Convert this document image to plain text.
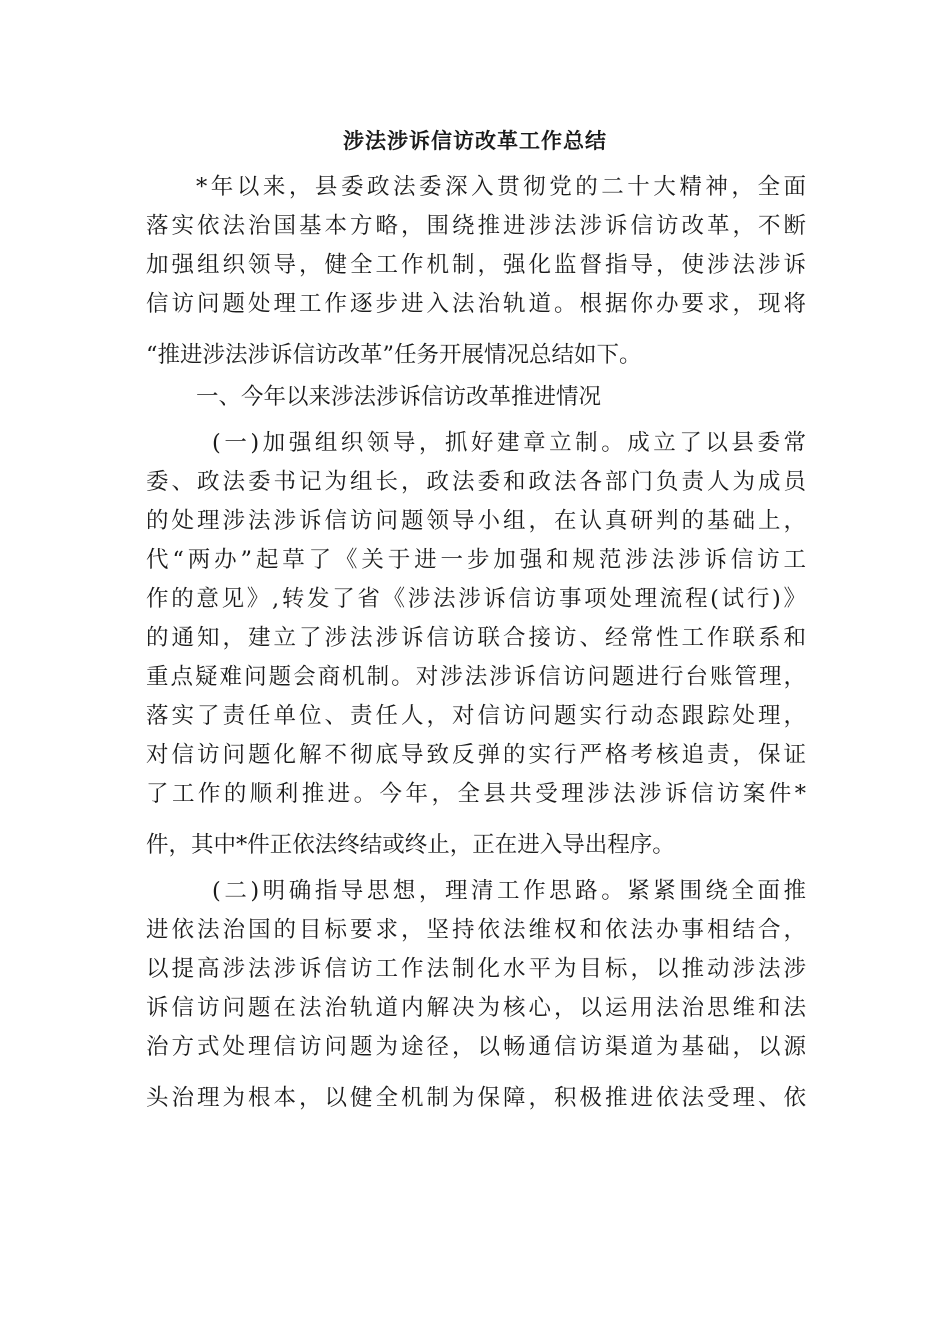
涉法涉诉信访改革工作总结
*年以来，县委政法委深入贯彻党的二十大精神，全面
落实依法治国基本方略，围绕推进涉法涉诉信访改革，不断
加强组织领导，健全工作机制，强化监督指导，使涉法涉诉
信访问题处理工作逐步进入法治轨道。根据你办要求，现将
“推进涉法涉诉信访改革”任务开展情况总结如下。
一、今年以来涉法涉诉信访改革推进情况
(一)加强组织领导，抓好建章立制。成立了以县委常
委、政法委书记为组长，政法委和政法各部门负责人为成员
的处理涉法涉诉信访问题领导小组，在认真研判的基础上，
代“两办”起草了《关于进一步加强和规范涉法涉诉信访工
作的意见》,转发了省《涉法涉诉信访事项处理流程(试行)》
的通知，建立了涉法涉诉信访联合接访、经常性工作联系和
重点疑难问题会商机制。对涉法涉诉信访问题进行台账管理，
落实了责任单位、责任人，对信访问题实行动态跟踪处理，
对信访问题化解不彻底导致反弹的实行严格考核追责，保证
了工作的顺利推进。今年，全县共受理涉法涉诉信访案件*
件，其中*件正依法终结或终止，正在进入导出程序。
(二)明确指导思想，理清工作思路。紧紧围绕全面推
进依法治国的目标要求，坚持依法维权和依法办事相结合，
以提高涉法涉诉信访工作法制化水平为目标，以推动涉法涉
诉信访问题在法治轨道内解决为核心，以运用法治思维和法
治方式处理信访问题为途径，以畅通信访渠道为基础，以源
头治理为根本，以健全机制为保障，积极推进依法受理、依
